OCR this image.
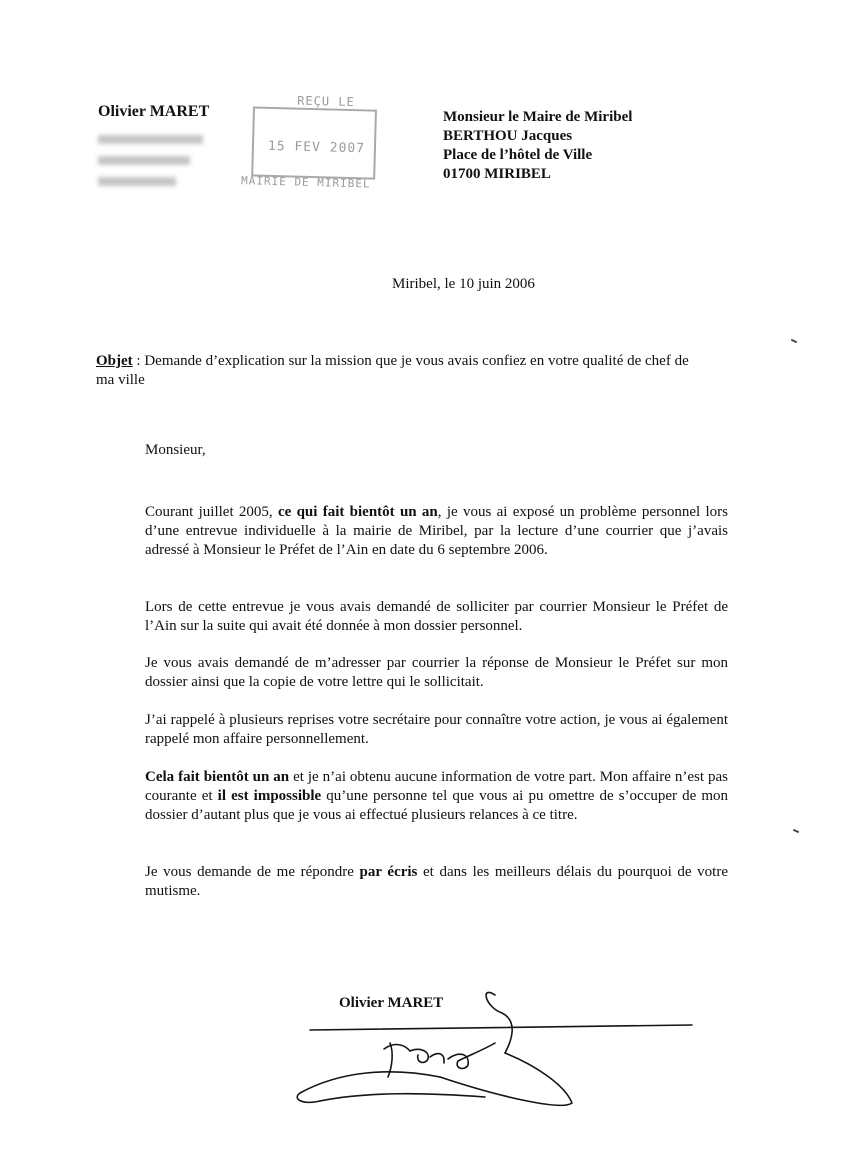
Olivier MARET
REÇU LE
15 FEV 2007
MAIRIE DE MIRIBEL
Monsieur le Maire de Miribel
BERTHOU Jacques
Place de l’hôtel de Ville
01700 MIRIBEL
Miribel, le 10 juin 2006
Objet : Demande d’explication sur la mission que je vous avais confiez en votre qualité de chef de ma ville
Monsieur,

Courant juillet 2005, ce qui fait bientôt un an, je vous ai exposé un problème personnel lors d’une entrevue individuelle à la mairie de Miribel, par la lecture d’une courrier que j’avais adressé à Monsieur le Préfet de l’Ain en date du 6 septembre 2006.

Lors de cette entrevue je vous avais demandé de solliciter par courrier Monsieur le Préfet de l’Ain sur la suite qui avait été donnée à mon dossier personnel.

Je vous avais demandé de m’adresser par courrier la réponse de Monsieur le Préfet sur mon dossier ainsi que la copie de votre lettre qui le sollicitait.

J’ai rappelé à plusieurs reprises votre secrétaire pour connaître votre action, je vous ai également rappelé mon affaire personnellement.

Cela fait bientôt un an et je n’ai obtenu aucune information de votre part. Mon affaire n’est pas courante et il est impossible qu’une personne tel que vous ai pu omettre de s’occuper de mon dossier d’autant plus que je vous ai effectué plusieurs relances à ce titre.

Je vous demande de me répondre par écris et dans les meilleurs délais du pourquoi de votre mutisme.

Olivier MARET
